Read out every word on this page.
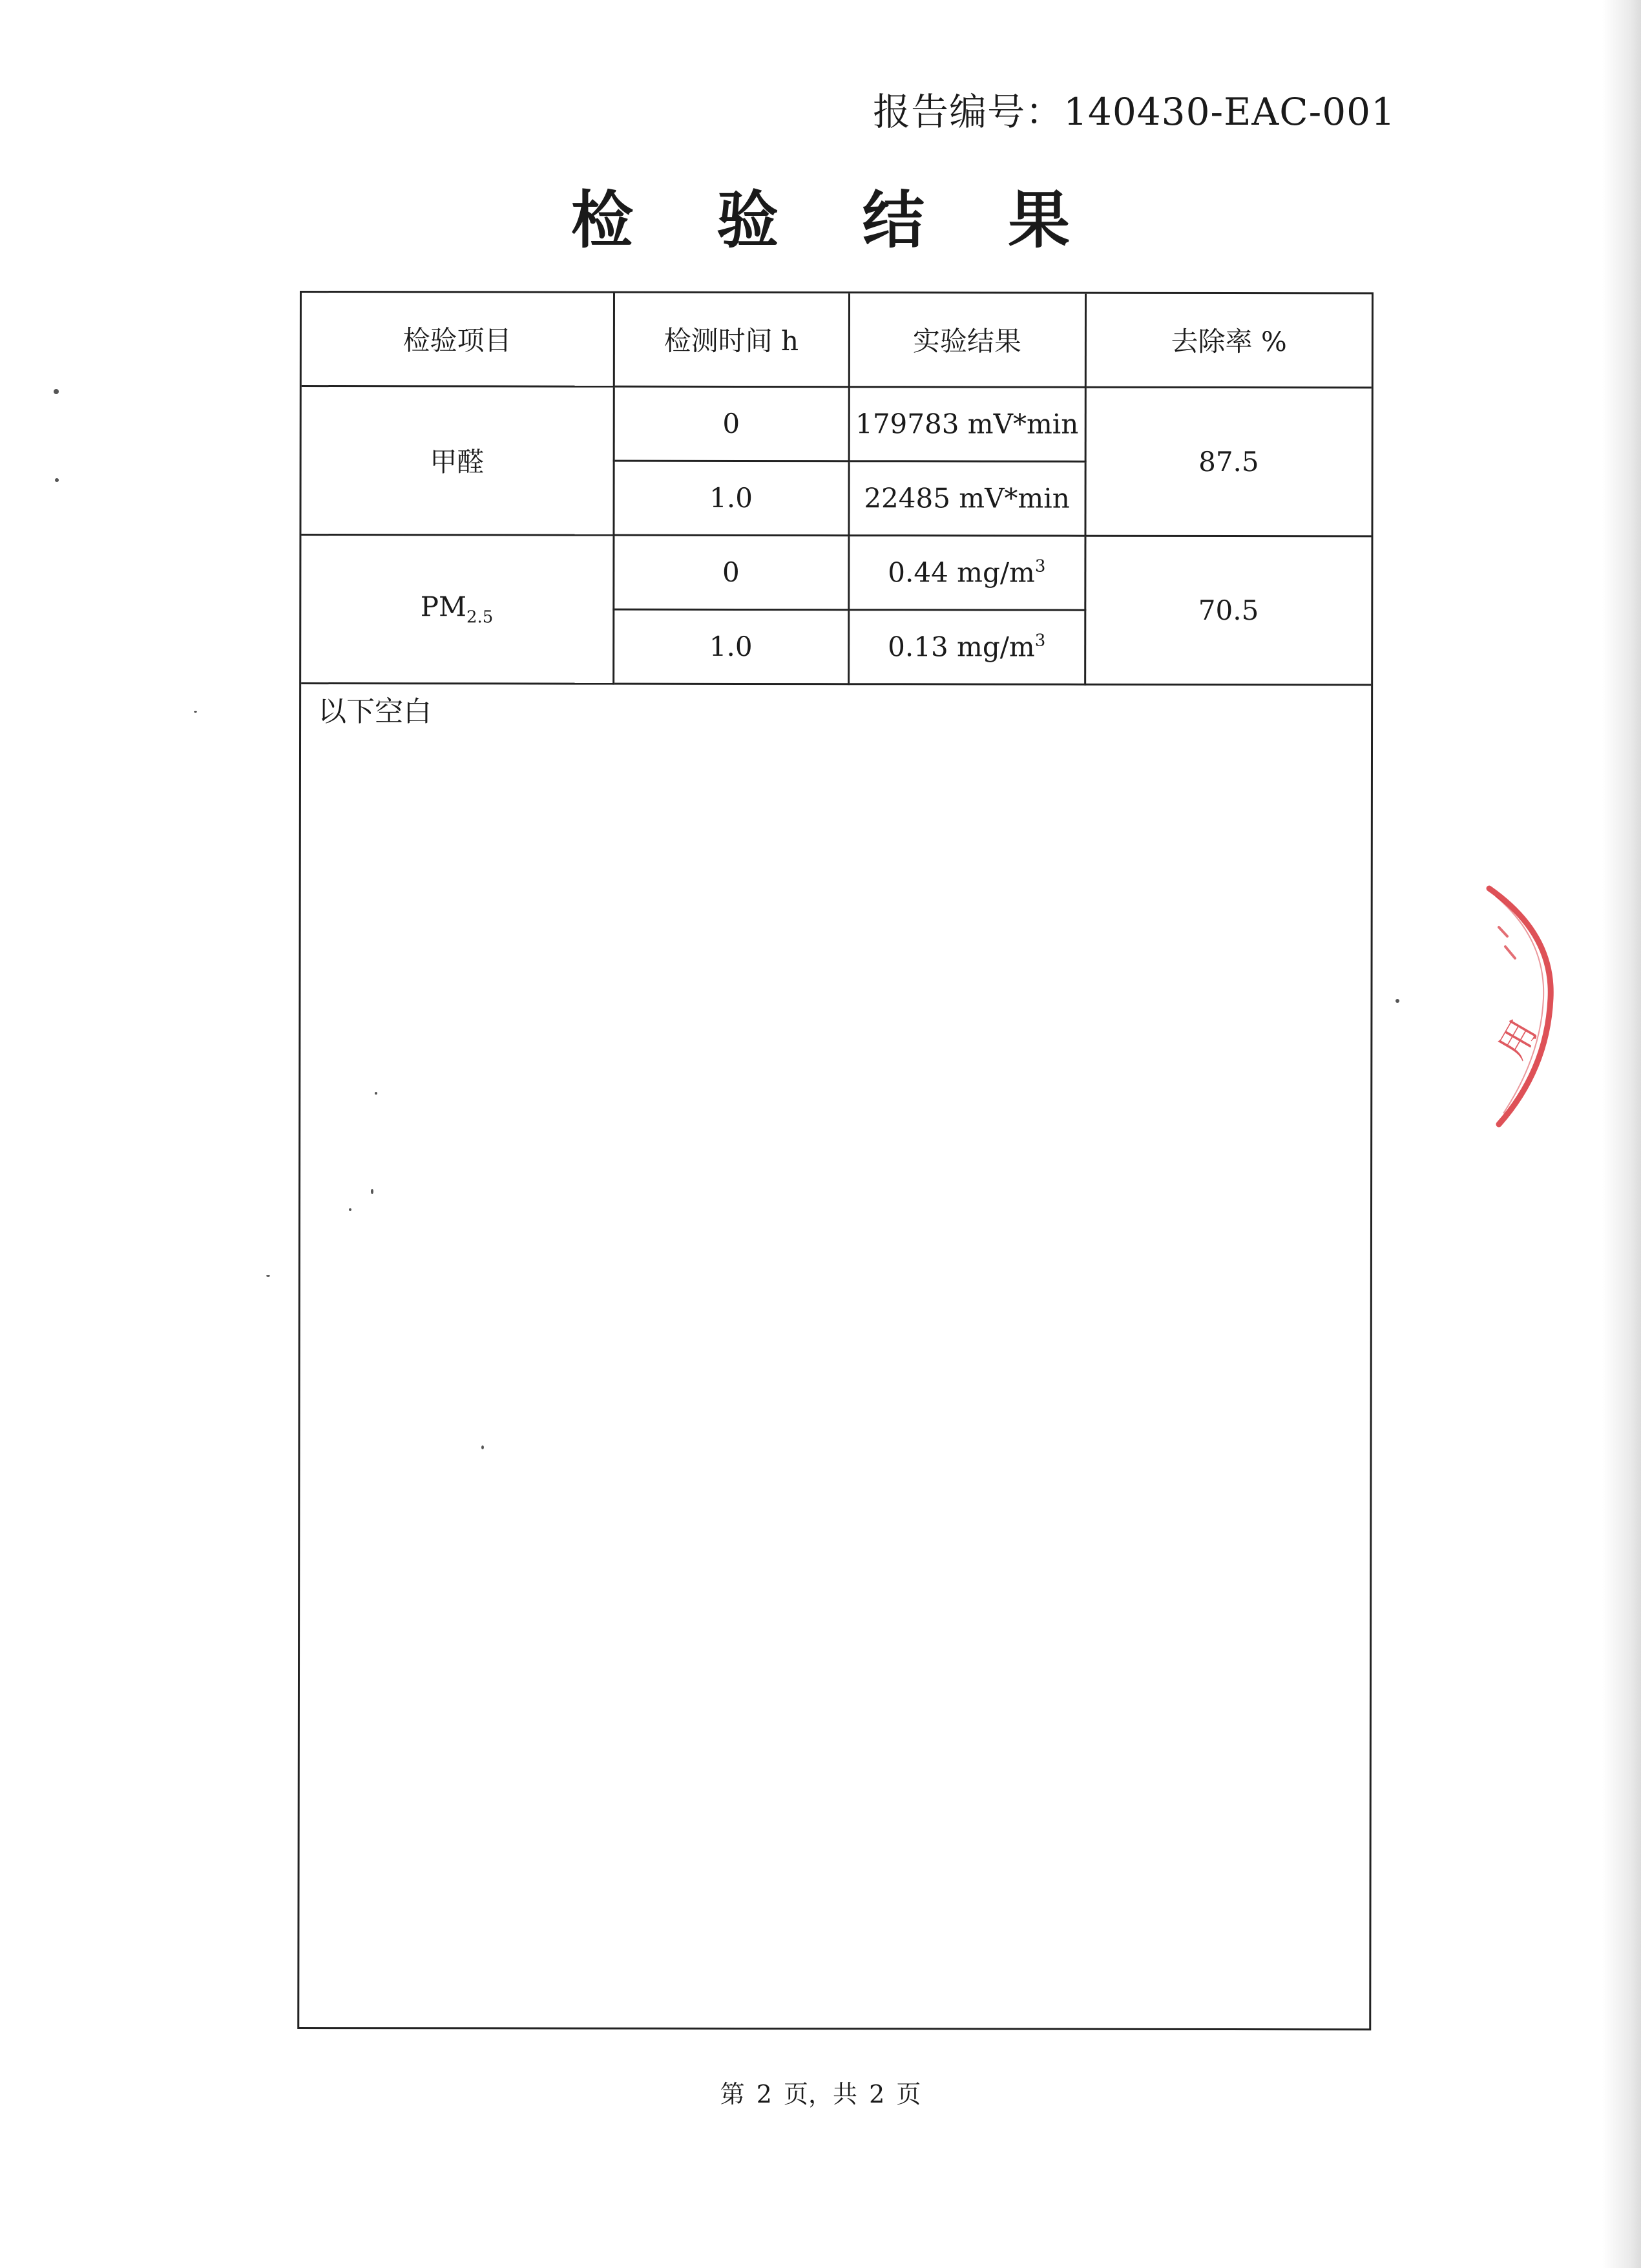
报告编号：140430-EAC-001
检 验 结 果
检验项目	检测时间 h	实验结果	去除率 %
甲醛	0	179783 mV*min	87.5
	1.0	22485 mV*min	
$PM_{2.5}$	0	0.44 $mg/m^3$	70.5
	1.0	0.13 $mg/m^3$
以下空白
第 2 页，共 2 页
用
